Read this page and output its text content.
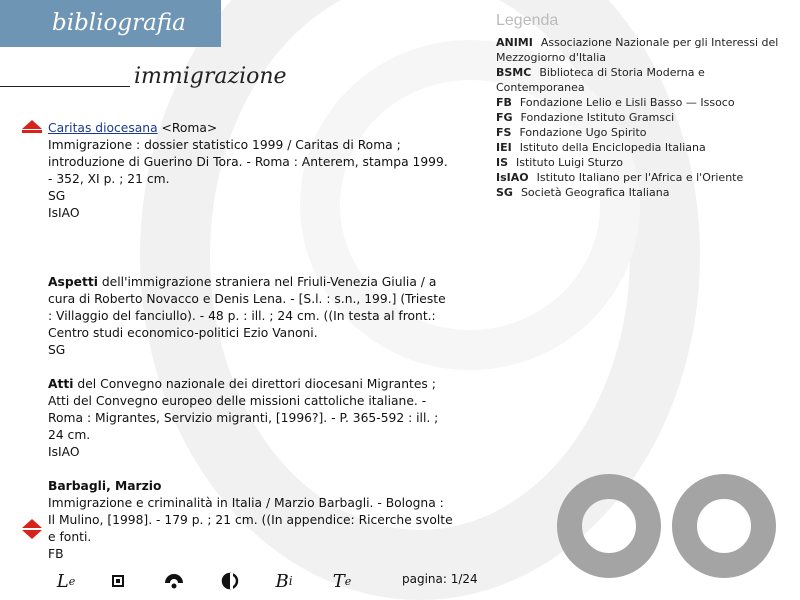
bibliografia
immigrazione
Legenda
ANIMI Associazione Nazionale per gli Interessi del Mezzogiorno d'Italia
BSMC Biblioteca di Storia Moderna e Contemporanea
FB Fondazione Lelio e Lisli Basso — Issoco
FG Fondazione Istituto Gramsci
FS Fondazione Ugo Spirito
IEI Istituto della Enciclopedia Italiana
IS Istituto Luigi Sturzo
IsIAO Istituto Italiano per l'Africa e l'Oriente
SG Società Geografica Italiana
Caritas diocesana <Roma>
Immigrazione : dossier statistico 1999 / Caritas di Roma ; introduzione di Guerino Di Tora. - Roma : Anterem, stampa 1999. - 352, XI p. ; 21 cm.
SG
IsIAO
Aspetti dell'immigrazione straniera nel Friuli-Venezia Giulia / a cura di Roberto Novacco e Denis Lena. - [S.l. : s.n., 199.] (Trieste : Villaggio del fanciullo). - 48 p. : ill. ; 24 cm. ((In testa al front.: Centro studi economico-politici Ezio Vanoni.
SG
Atti del Convegno nazionale dei direttori diocesani Migrantes ; Atti del Convegno europeo delle missioni cattoliche italiane. - Roma : Migrantes, Servizio migranti, [1996?]. - P. 365-592 : ill. ; 24 cm.
IsIAO
Barbagli, Marzio
Immigrazione e criminalità in Italia / Marzio Barbagli. - Bologna : Il Mulino, [1998]. - 179 p. ; 21 cm. ((In appendice: Ricerche svolte e fonti.
FB
L e	B i T e	pagina: 1/24
